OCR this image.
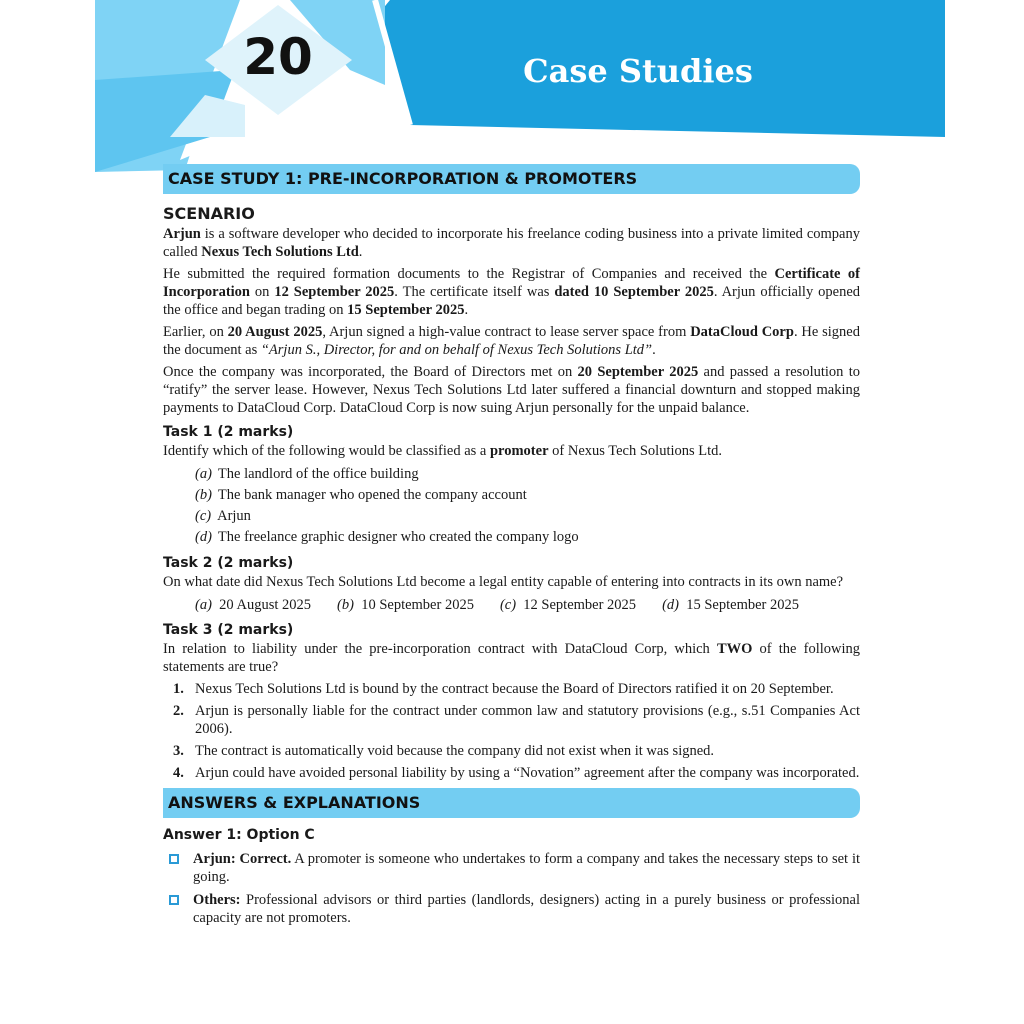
20	Case Studies
CASE STUDY 1: PRE-INCORPORATION & PROMOTERS
SCENARIO

Arjun is a software developer who decided to incorporate his freelance coding business into a private limited company called Nexus Tech Solutions Ltd.

He submitted the required formation documents to the Registrar of Companies and received the Certificate of Incorporation on 12 September 2025. The certificate itself was dated 10 September 2025. Arjun officially opened the office and began trading on 15 September 2025.

Earlier, on 20 August 2025, Arjun signed a high-value contract to lease server space from DataCloud Corp. He signed the document as “Arjun S., Director, for and on behalf of Nexus Tech Solutions Ltd”.

Once the company was incorporated, the Board of Directors met on 20 September 2025 and passed a resolution to “ratify” the server lease. However, Nexus Tech Solutions Ltd later suffered a financial downturn and stopped making payments to DataCloud Corp. DataCloud Corp is now suing Arjun personally for the unpaid balance.

Task 1 (2 marks)

Identify which of the following would be classified as a promoter of Nexus Tech Solutions Ltd.

(a) The landlord of the office building
(b) The bank manager who opened the company account
(c) Arjun
(d) The freelance graphic designer who created the company logo
Task 2 (2 marks)

On what date did Nexus Tech Solutions Ltd become a legal entity capable of entering into contracts in its own name?

(a) 20 August 2025 (b) 10 September 2025 (c) 12 September 2025 (d) 15 September 2025
Task 3 (2 marks)

In relation to liability under the pre-incorporation contract with DataCloud Corp, which TWO of the following statements are true?

1. Nexus Tech Solutions Ltd is bound by the contract because the Board of Directors ratified it on 20 September.
2. Arjun is personally liable for the contract under common law and statutory provisions (e.g., s.51 Companies Act 2006).
3. The contract is automatically void because the company did not exist when it was signed.
4. Arjun could have avoided personal liability by using a “Novation” agreement after the company was incorporated.
ANSWERS & EXPLANATIONS
Answer 1: Option C
Arjun: Correct. A promoter is someone who undertakes to form a company and takes the necessary steps to set it going.
Others: Professional advisors or third parties (landlords, designers) acting in a purely business or professional capacity are not promoters.
